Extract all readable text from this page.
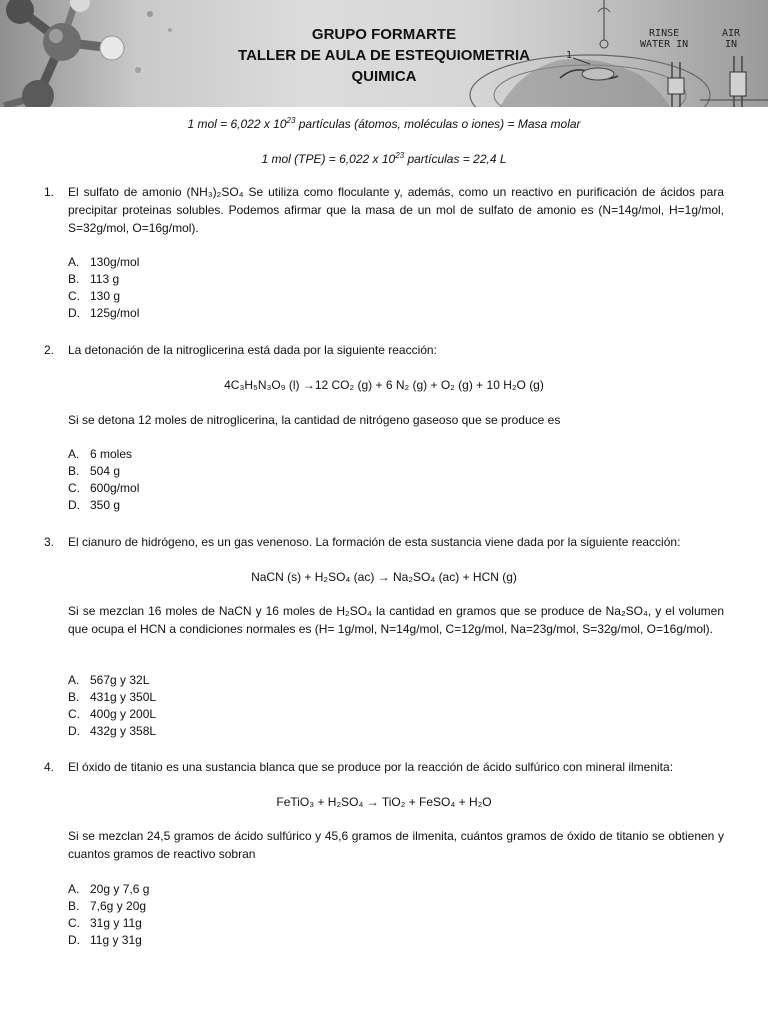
GRUPO FORMARTE
TALLER DE AULA DE ESTEQUIOMETRIA
QUIMICA
RINSE
WATER IN
AIR
IN
1
1 mol = 6,022 x $10^{23}$ partículas (átomos, moléculas o iones) = Masa molar
1 mol (TPE) = 6,022 x $10^{23}$ partículas = 22,4 L
1.	El sulfato de amonio (NH₃)₂SO₄ Se utiliza como floculante y, además, como un reactivo en purificación de ácidos para precipitar proteinas solubles. Podemos afirmar que la masa de un mol de sulfato de amonio es (N=14g/mol, H=1g/mol, S=32g/mol, O=16g/mol).
A. 130g/mol
B. 113 g
C. 130 g
D. 125g/mol
2.	La detonación de la nitroglicerina está dada por la siguiente reacción:
4C₃H₅N₃O₉ (l) →12 CO₂ (g) + 6 N₂ (g) + O₂ (g) + 10 H₂O (g)
Si se detona 12 moles de nitroglicerina, la cantidad de nitrógeno gaseoso que se produce es
A. 6 moles
B. 504 g
C. 600g/mol
D. 350 g
3.	El cianuro de hidrógeno, es un gas venenoso. La formación de esta sustancia viene dada por la siguiente reacción:
NaCN (s) + H₂SO₄ (ac) → Na₂SO₄ (ac) + HCN (g)
Si se mezclan 16 moles de NaCN y 16 moles de H₂SO₄ la cantidad en gramos que se produce de Na₂SO₄, y el volumen que ocupa el HCN a condiciones normales es (H= 1g/mol, N=14g/mol, C=12g/mol, Na=23g/mol, S=32g/mol, O=16g/mol).
A. 567g y 32L
B. 431g y 350L
C. 400g y 200L
D. 432g y 358L
4.	El óxido de titanio es una sustancia blanca que se produce por la reacción de ácido sulfúrico con mineral ilmenita:
FeTiO₃ + H₂SO₄ → TiO₂ + FeSO₄ + H₂O
Si se mezclan 24,5 gramos de ácido sulfúrico y 45,6 gramos de ilmenita, cuántos gramos de óxido de titanio se obtienen y cuantos gramos de reactivo sobran
A. 20g y 7,6 g
B. 7,6g y 20g
C. 31g y 11g
D. 11g y 31g
